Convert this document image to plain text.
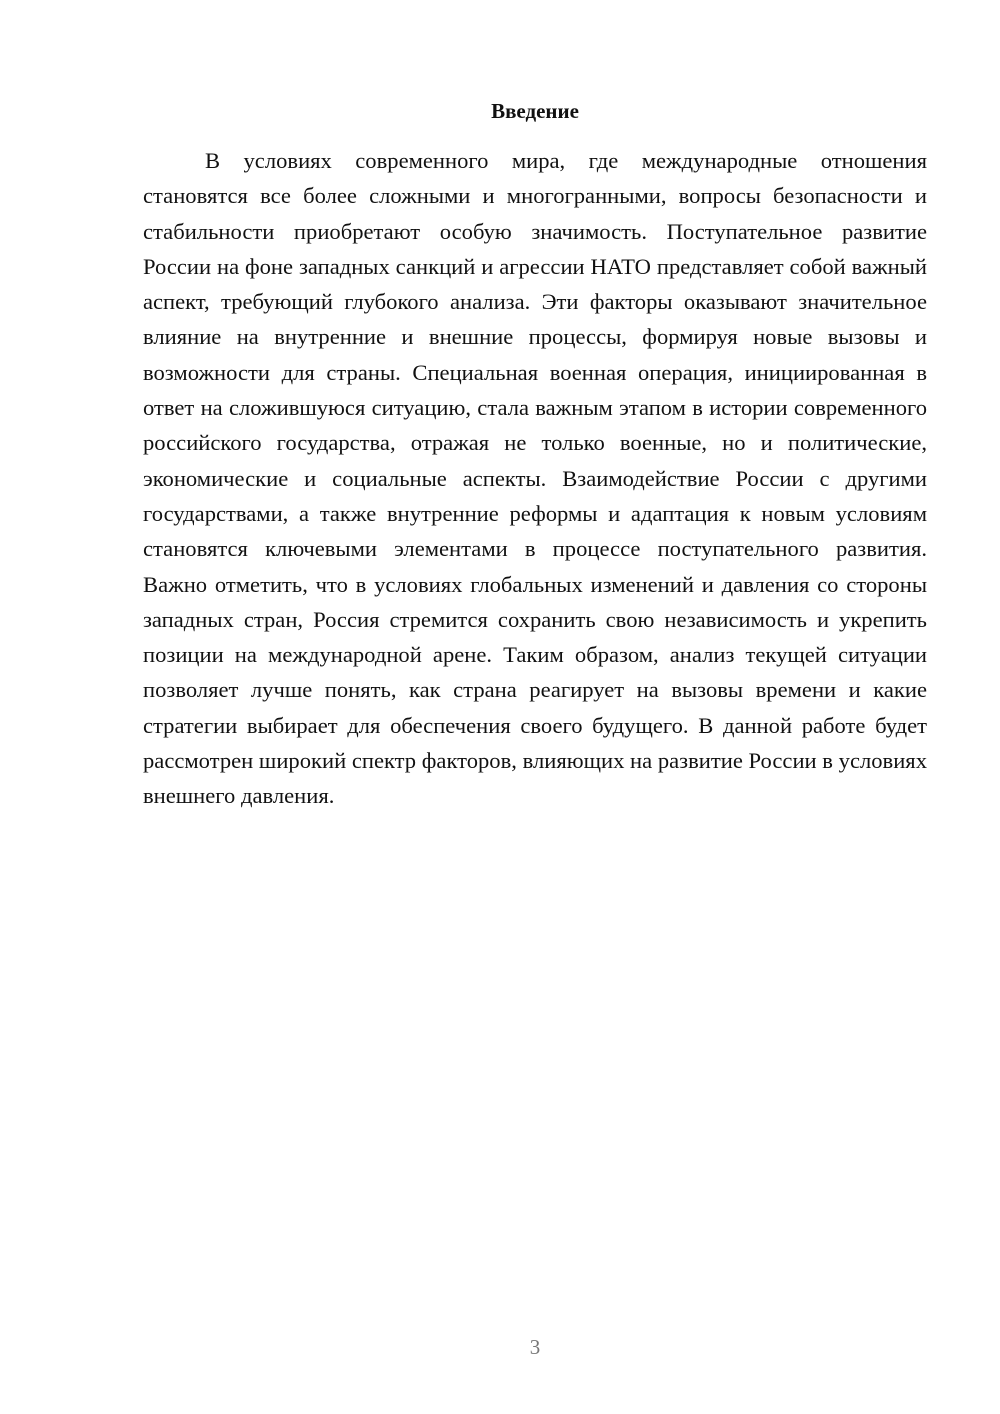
Введение

В условиях современного мира, где международные отношения становятся все более сложными и многогранными, вопросы безопасности и стабильности приобретают особую значимость. Поступательное развитие России на фоне западных санкций и агрессии НАТО представляет собой важный аспект, требующий глубокого анализа. Эти факторы оказывают значительное влияние на внутренние и внешние процессы, формируя новые вызовы и возможности для страны. Специальная военная операция, инициированная в ответ на сложившуюся ситуацию, стала важным этапом в истории современного российского государства, отражая не только военные, но и политические, экономические и социальные аспекты. Взаимодействие России с другими государствами, а также внутренние реформы и адаптация к новым условиям становятся ключевыми элементами в процессе поступательного развития. Важно отметить, что в условиях глобальных изменений и давления со стороны западных стран, Россия стремится сохранить свою независимость и укрепить позиции на международной арене. Таким образом, анализ текущей ситуации позволяет лучше понять, как страна реагирует на вызовы времени и какие стратегии выбирает для обеспечения своего будущего. В данной работе будет рассмотрен широкий спектр факторов, влияющих на развитие России в условиях внешнего давления.

3
